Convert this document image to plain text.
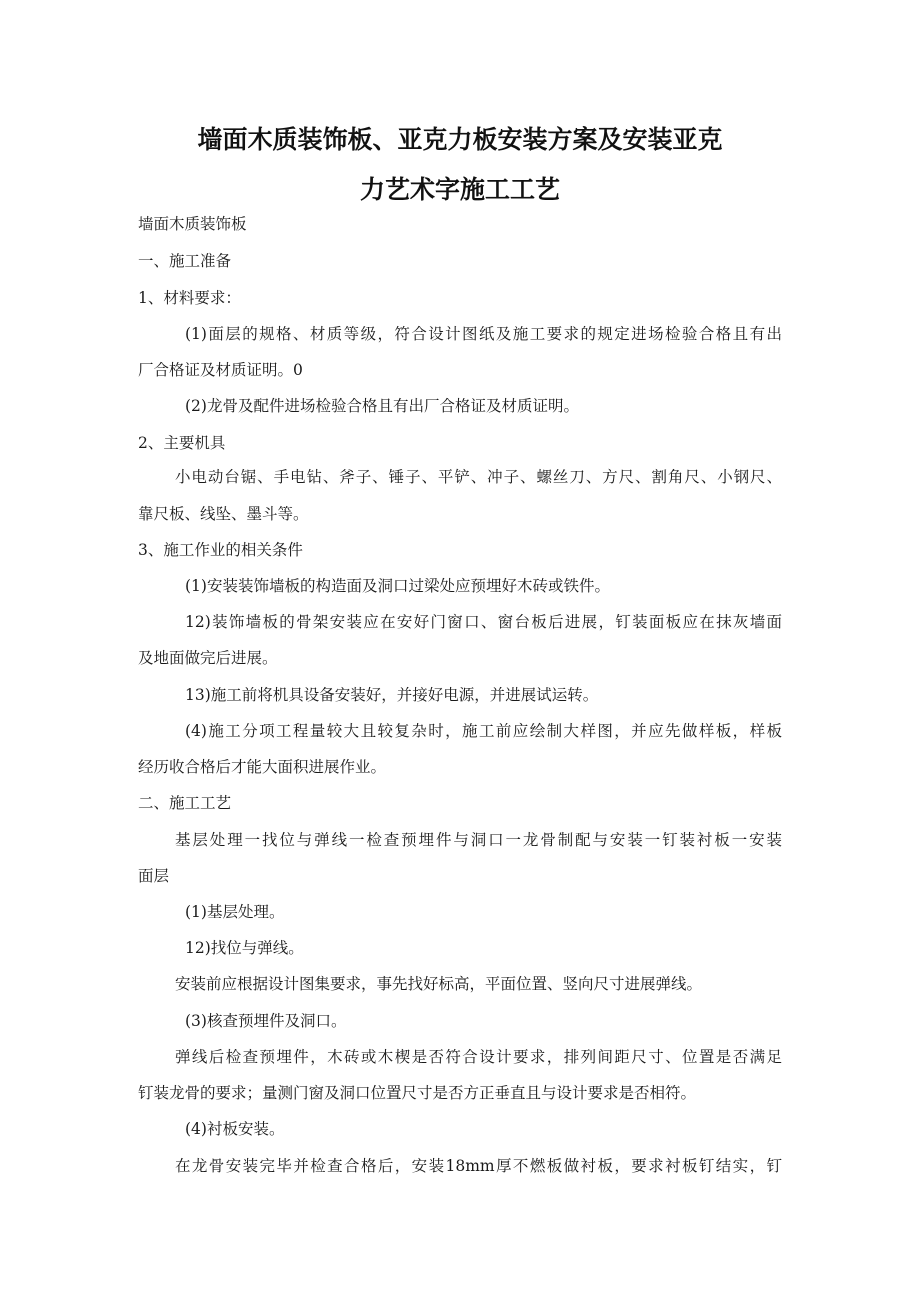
墙面木质装饰板、亚克力板安装方案及安装亚克
力艺术字施工工艺
墙面木质装饰板
一、施工准备
1、材料要求：
(1)面层的规格、材质等级，符合设计图纸及施工要求的规定进场检验合格且有出
厂合格证及材质证明。0
(2)龙骨及配件进场检验合格且有出厂合格证及材质证明。
2、主要机具
小电动台锯、手电钻、斧子、锤子、平铲、冲子、螺丝刀、方尺、割角尺、小钢尺、
靠尺板、线坠、墨斗等。
3、施工作业的相关条件
(1)安装装饰墙板的构造面及洞口过梁处应预埋好木砖或铁件。
12)装饰墙板的骨架安装应在安好门窗口、窗台板后进展，钉装面板应在抹灰墙面
及地面做完后进展。
13)施工前将机具设备安装好，并接好电源，并进展试运转。
(4)施工分项工程量较大且较复杂时，施工前应绘制大样图，并应先做样板，样板
经历收合格后才能大面积进展作业。
二、施工工艺
基层处理一找位与弹线一检查预埋件与洞口一龙骨制配与安装一钉装衬板一安装
面层
(1)基层处理。
12)找位与弹线。
安装前应根据设计图集要求，事先找好标高，平面位置、竖向尺寸进展弹线。
(3)核查预埋件及洞口。
弹线后检查预埋件，木砖或木楔是否符合设计要求，排列间距尺寸、位置是否满足
钉装龙骨的要求；量测门窗及洞口位置尺寸是否方正垂直且与设计要求是否相符。
(4)衬板安装。
在龙骨安装完毕并检查合格后，安装18mm厚不燃板做衬板，要求衬板钉结实，钉
